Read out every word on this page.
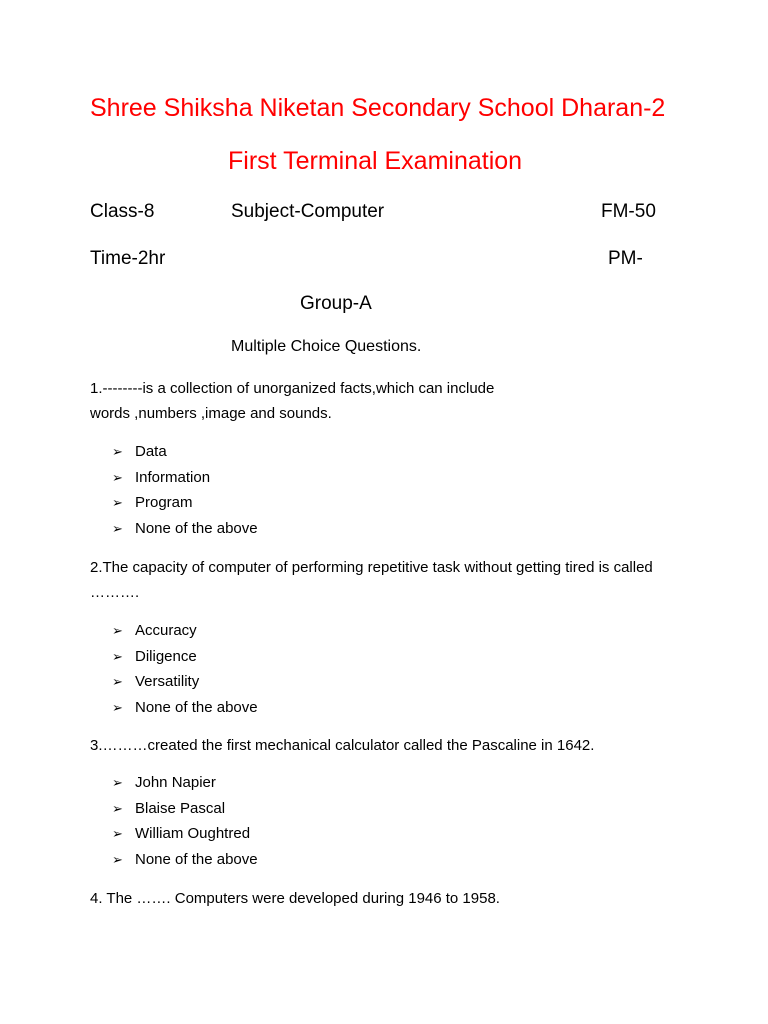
Shree Shiksha Niketan Secondary School Dharan-2
First Terminal Examination
Class-8	Subject-Computer	FM-50
Time-2hr	PM-
Group-A
Multiple Choice Questions.
1.--------is a collection of unorganized facts,which can include words ,numbers ,image and sounds.
➢ Data
➢ Information
➢ Program
➢ None of the above
2.The capacity of computer of performing repetitive task without getting tired is called ……….
➢ Accuracy
➢ Diligence
➢ Versatility
➢ None of the above
3.………created the first mechanical calculator called the Pascaline in 1642.
➢ John Napier
➢ Blaise Pascal
➢ William Oughtred
➢ None of the above
4. The ……. Computers were developed during 1946 to 1958.
